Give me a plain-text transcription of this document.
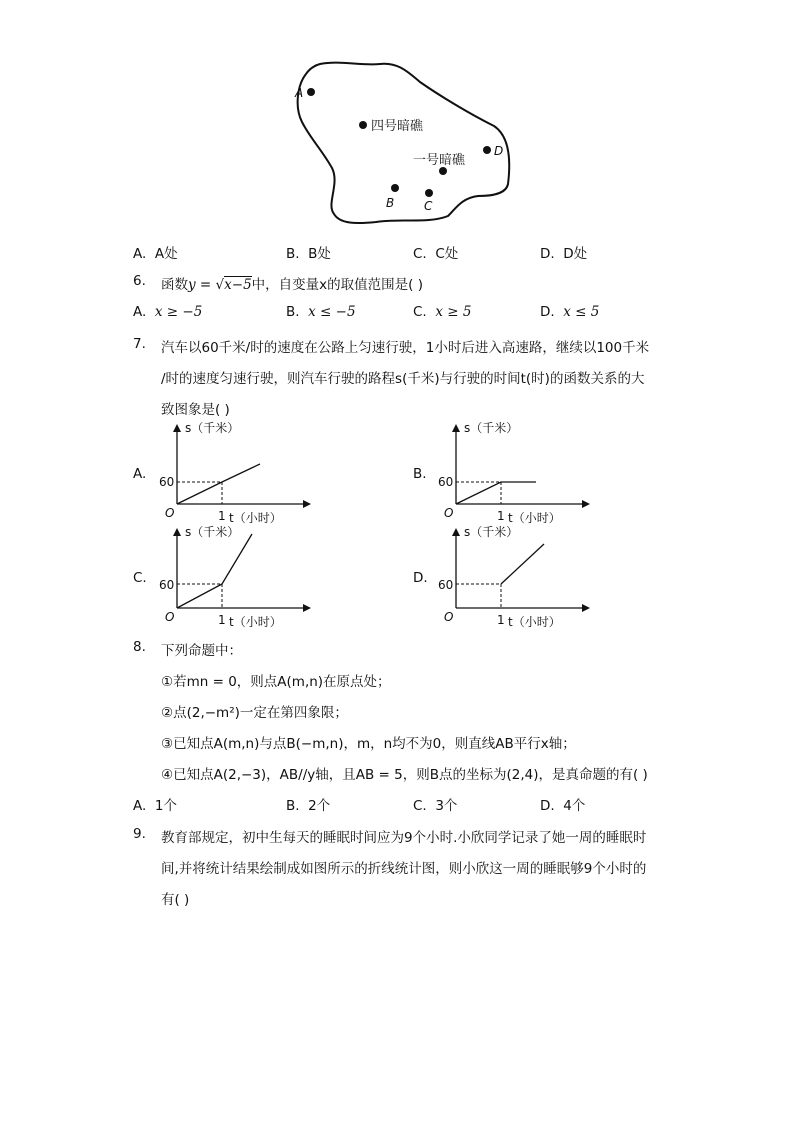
A
四号暗礁
D
一号暗礁
B C
A. A处	B. B处	C. C处	D. D处
6. 函数y = √x−5中，自变量x的取值范围是( )
A. x ≥ −5	B. x ≤ −5	C. x ≥ 5	D. x ≤ 5
7. 汽车以60千米/时的速度在公路上匀速行驶，1小时后进入高速路，继续以100千米
/时的速度匀速行驶，则汽车行驶的路程s(千米)与行驶的时间t(时)的函数关系的大
致图象是( )
A.
s（千米）
60
O	1 t（小时）
B.
s（千米）
60
O	1 t（小时）
C.
s（千米）
60
O	1 t（小时）
D.
s（千米）
60
O	1 t（小时）
8. 下列命题中：
①若mn = 0，则点A(m,n)在原点处；
②点(2,−m²)一定在第四象限；
③已知点A(m,n)与点B(−m,n)，m，n均不为0，则直线AB平行x轴；
④已知点A(2,−3)，AB//y轴，且AB = 5，则B点的坐标为(2,4)，是真命题的有( )
A. 1个	B. 2个	C. 3个	D. 4个
9. 教育部规定，初中生每天的睡眠时间应为9个小时.小欣同学记录了她一周的睡眠时
间,并将统计结果绘制成如图所示的折线统计图，则小欣这一周的睡眠够9个小时的
有( )
